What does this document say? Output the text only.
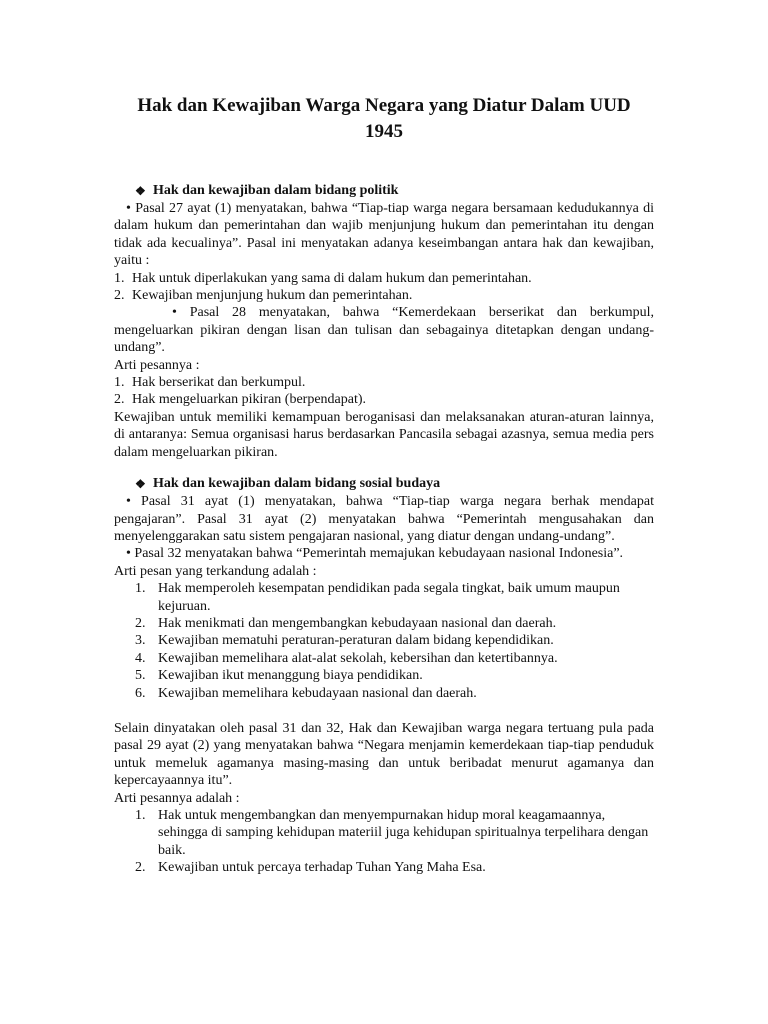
Hak dan Kewajiban Warga Negara yang Diatur Dalam UUD 1945
❖ Hak dan kewajiban dalam bidang politik

• Pasal 27 ayat (1) menyatakan, bahwa “Tiap-tiap warga negara bersamaan kedudukannya di dalam hukum dan pemerintahan dan wajib menjunjung hukum dan pemerintahan itu dengan tidak ada kecualinya”. Pasal ini menyatakan adanya keseimbangan antara hak dan kewajiban, yaitu :

1. Hak untuk diperlakukan yang sama di dalam hukum dan pemerintahan.
2. Kewajiban menjunjung hukum dan pemerintahan.

• Pasal 28 menyatakan, bahwa “Kemerdekaan berserikat dan berkumpul, mengeluarkan pikiran dengan lisan dan tulisan dan sebagainya ditetapkan dengan undang-undang”.

Arti pesannya :

1. Hak berserikat dan berkumpul.
2. Hak mengeluarkan pikiran (berpendapat).

Kewajiban untuk memiliki kemampuan beroganisasi dan melaksanakan aturan-aturan lainnya, di antaranya: Semua organisasi harus berdasarkan Pancasila sebagai azasnya, semua media pers dalam mengeluarkan pikiran.

❖ Hak dan kewajiban dalam bidang sosial budaya

• Pasal 31 ayat (1) menyatakan, bahwa “Tiap-tiap warga negara berhak mendapat pengajaran”. Pasal 31 ayat (2) menyatakan bahwa “Pemerintah mengusahakan dan menyelenggarakan satu sistem pengajaran nasional, yang diatur dengan undang-undang”.

• Pasal 32 menyatakan bahwa “Pemerintah memajukan kebudayaan nasional Indonesia”.

Arti pesan yang terkandung adalah :

1. Hak memperoleh kesempatan pendidikan pada segala tingkat, baik umum maupun kejuruan.
2. Hak menikmati dan mengembangkan kebudayaan nasional dan daerah.
3. Kewajiban mematuhi peraturan-peraturan dalam bidang kependidikan.
4. Kewajiban memelihara alat-alat sekolah, kebersihan dan ketertibannya.
5. Kewajiban ikut menanggung biaya pendidikan.
6. Kewajiban memelihara kebudayaan nasional dan daerah.

Selain dinyatakan oleh pasal 31 dan 32, Hak dan Kewajiban warga negara tertuang pula pada pasal 29 ayat (2) yang menyatakan bahwa “Negara menjamin kemerdekaan tiap-tiap penduduk untuk memeluk agamanya masing-masing dan untuk beribadat menurut agamanya dan kepercayaannya itu”.

Arti pesannya adalah :

1. Hak untuk mengembangkan dan menyempurnakan hidup moral keagamaannya, sehingga di samping kehidupan materiil juga kehidupan spiritualnya terpelihara dengan baik.
2. Kewajiban untuk percaya terhadap Tuhan Yang Maha Esa.
